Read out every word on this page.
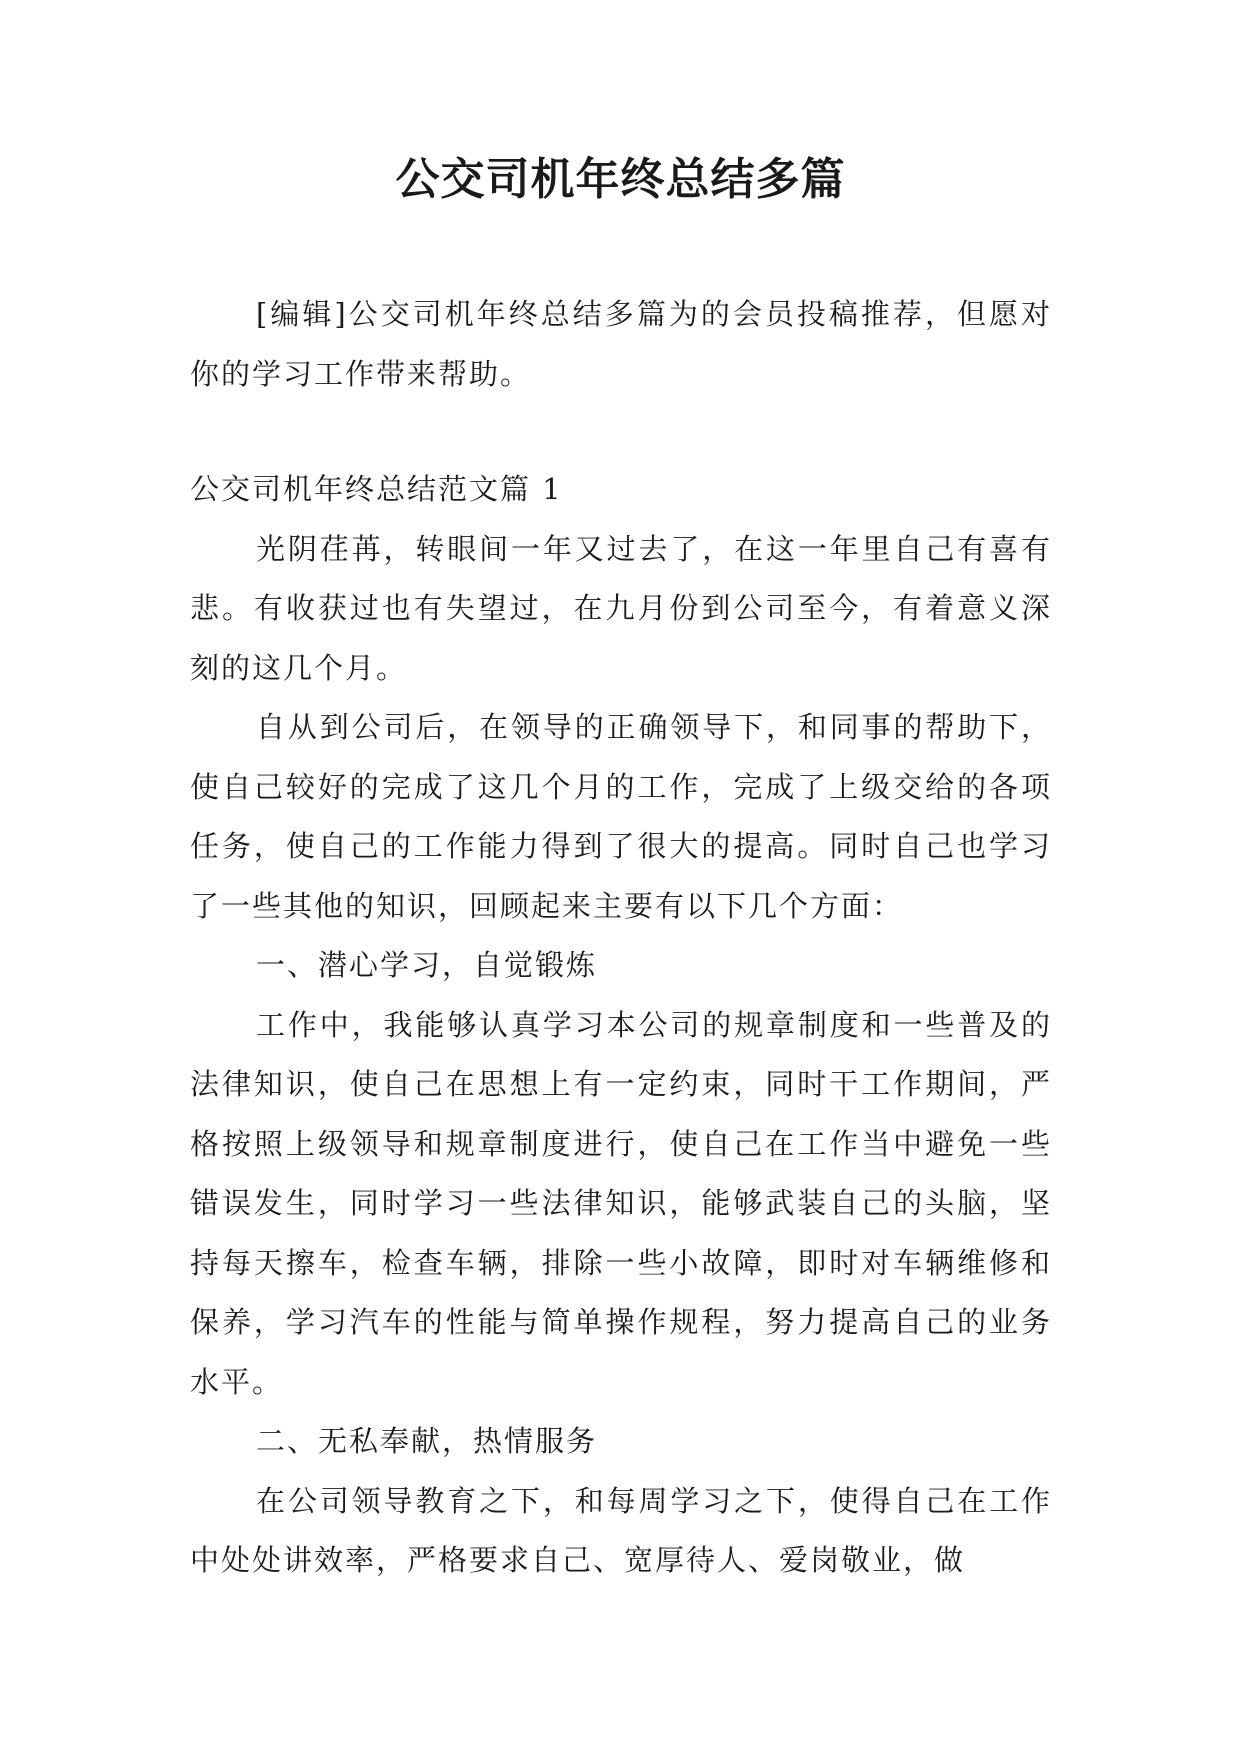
公交司机年终总结多篇

[编辑]公交司机年终总结多篇为的会员投稿推荐，但愿对你的学习工作带来帮助。

公交司机年终总结范文篇 1

光阴荏苒，转眼间一年又过去了，在这一年里自己有喜有悲。有收获过也有失望过，在九月份到公司至今，有着意义深刻的这几个月。

自从到公司后，在领导的正确领导下，和同事的帮助下，使自己较好的完成了这几个月的工作，完成了上级交给的各项任务，使自己的工作能力得到了很大的提高。同时自己也学习了一些其他的知识，回顾起来主要有以下几个方面：

一、潜心学习，自觉锻炼

工作中，我能够认真学习本公司的规章制度和一些普及的法律知识，使自己在思想上有一定约束，同时干工作期间，严格按照上级领导和规章制度进行，使自己在工作当中避免一些错误发生，同时学习一些法律知识，能够武装自己的头脑，坚持每天擦车，检查车辆，排除一些小故障，即时对车辆维修和保养，学习汽车的性能与简单操作规程，努力提高自己的业务水平。

二、无私奉献，热情服务

在公司领导教育之下，和每周学习之下，使得自己在工作中处处讲效率，严格要求自己、宽厚待人、爱岗敬业，做
